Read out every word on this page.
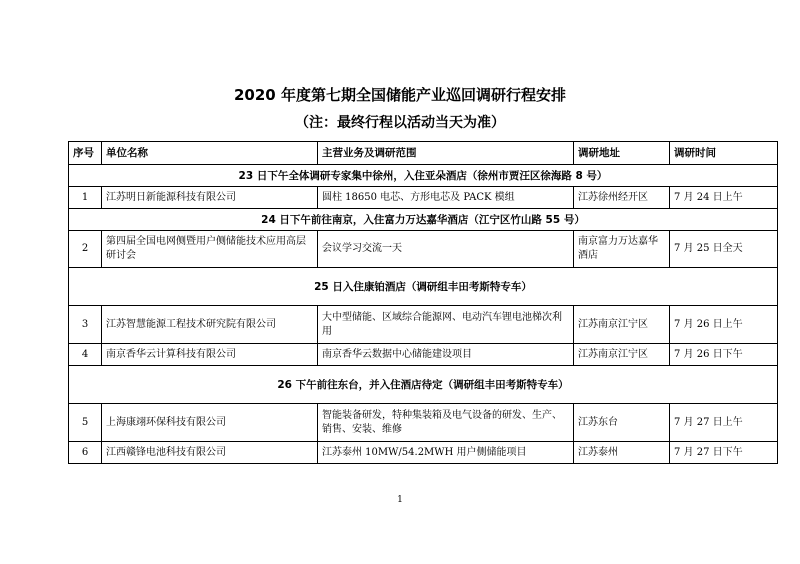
2020 年度第七期全国储能产业巡回调研行程安排
（注：最终行程以活动当天为准）
序号	单位名称	主营业务及调研范围	调研地址	调研时间
23 日下午全体调研专家集中徐州，入住亚朵酒店（徐州市贾汪区徐海路 8 号）				
1	江苏明日新能源科技有限公司	圆柱 18650 电芯、方形电芯及 PACK 模组	江苏徐州经开区	7 月 24 日上午
24 日下午前往南京，入住富力万达嘉华酒店（江宁区竹山路 55 号）				
2	第四届全国电网侧暨用户侧储能技术应用高层研讨会	会议学习交流一天	南京富力万达嘉华酒店	7 月 25 日全天
25 日入住康铂酒店（调研组丰田考斯特专车）				
3	江苏智慧能源工程技术研究院有限公司	大中型储能、区域综合能源网、电动汽车锂电池梯次利用	江苏南京江宁区	7 月 26 日上午
4	南京香华云计算科技有限公司	南京香华云数据中心储能建设项目	江苏南京江宁区	7 月 26 日下午
26 下午前往东台，并入住酒店待定（调研组丰田考斯特专车）				
5	上海康翊环保科技有限公司	智能装备研发，特种集装箱及电气设备的研发、生产、销售、安装、维修	江苏东台	7 月 27 日上午
6	江西赣锋电池科技有限公司	江苏泰州 10MW/54.2MWH 用户侧储能项目	江苏泰州	7 月 27 日下午
1
